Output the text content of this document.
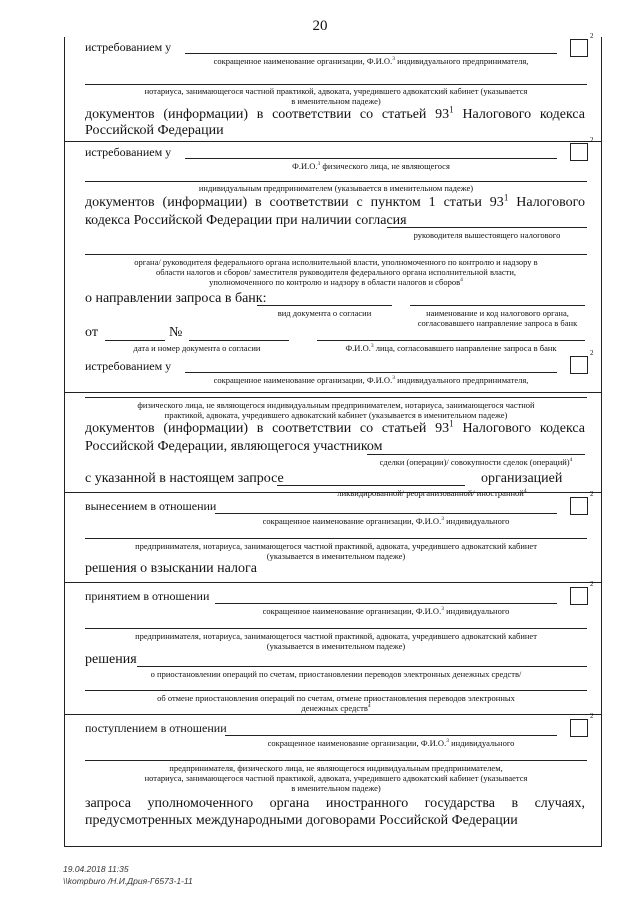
20
2
истребованием у
сокращенное наименование организации, Ф.И.О.$^3$ индивидуального предпринимателя,
нотариуса, занимающегося частной практикой, адвоката, учредившего адвокатский кабинет (указывается
в именительном падеже)
документов (информации) в соответствии со статьей $93^1$ Налогового кодекса
Российской Федерации
2
истребованием у
Ф.И.О.$^3$ физического лица, не являющегося
индивидуальным предпринимателем (указывается в именительном падеже)
документов (информации) в соответствии с пунктом 1 статьи $93^1$ Налогового
кодекса Российской Федерации при наличии согласия
руководителя вышестоящего налогового
органа/ руководителя федерального органа исполнительной власти, уполномоченного по контролю и надзору в
области налогов и сборов/ заместителя руководителя федерального органа исполнительной власти,
уполномоченного по контролю и надзору в области налогов и сборов$^4$
о направлении запроса в банк:
вид документа о согласии	наименование и код налогового органа,
согласовавшего направление запроса в банк
от	№
дата и номер документа о согласии	Ф.И.О.$^3$ лица, согласовавшего направление запроса в банк	2
истребованием у
сокращенное наименование организации, Ф.И.О.$^3$ индивидуального предпринимателя,
физического лица, не являющегося индивидуальным предпринимателем, нотариуса, занимающегося частной
практикой, адвоката, учредившего адвокатский кабинет (указывается в именительном падеже)
документов (информации) в соответствии со статьей $93^1$ Налогового кодекса
Российской Федерации, являющегося участником
сделки (операции)/ совокупности сделок (операций)$^4$
с указанной в настоящем запросе	организацией
ликвидированной/ реорганизованной/ иностранной$^4$	2
вынесением в отношении
сокращенное наименование организации, Ф.И.О.$^3$ индивидуального
предпринимателя, нотариуса, занимающегося частной практикой, адвоката, учредившего адвокатский кабинет
(указывается в именительном падеже)
решения о взыскании налога
2
принятием в отношении
сокращенное наименование организации, Ф.И.О.$^3$ индивидуального
предпринимателя, нотариуса, занимающегося частной практикой, адвоката, учредившего адвокатский кабинет
(указывается в именительном падеже)
решения
о приостановлении операций по счетам, приостановлении переводов электронных денежных средств/
об отмене приостановления операций по счетам, отмене приостановления переводов электронных
денежных средств$^4$
2
поступлением в отношении
сокращенное наименование организации, Ф.И.О.$^3$ индивидуального
предпринимателя, физического лица, не являющегося индивидуальным предпринимателем,
нотариуса, занимающегося частной практикой, адвоката, учредившего адвокатский кабинет (указывается
в именительном падеже)
запроса уполномоченного органа иностранного государства в случаях,
предусмотренных международными договорами Российской Федерации
19.04.2018 11:35
\\kompburo /Н.И.Дрия-Г6573-1-11
